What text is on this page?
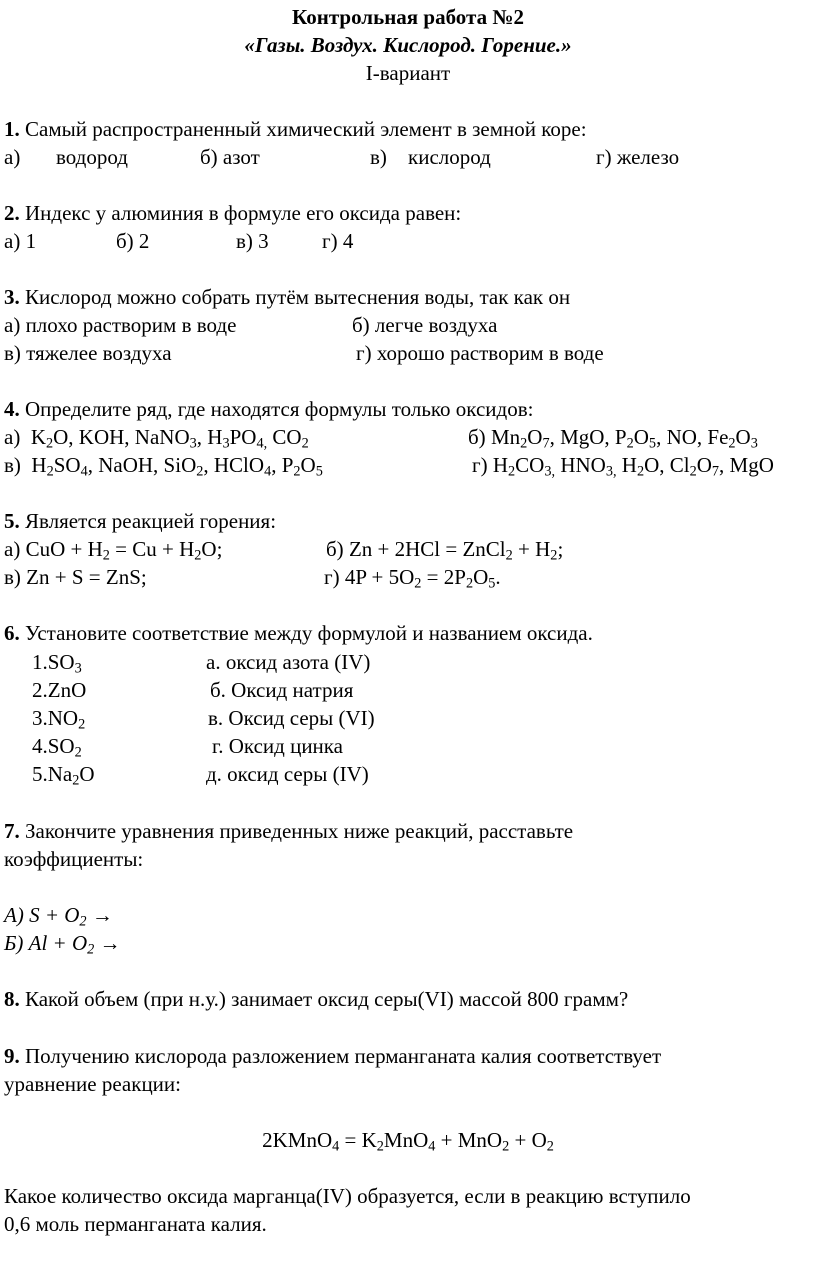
Контрольная работа №2
«Газы. Воздух. Кислород. Горение.»
I-вариант
1. Самый распространенный химический элемент в земной коре:
а) водород	б) азот	в) кислород	г) железо
2. Индекс у алюминия в формуле его оксида равен:
а) 1	б) 2	в) 3	г) 4
3. Кислород можно собрать путём вытеснения воды, так как он
а) плохо растворим в воде	б) легче воздуха
в) тяжелее воздуха	г) хорошо растворим в воде
4. Определите ряд, где находятся формулы только оксидов:
а)  $K_2O$, KOH, NaNO$_3$, $H_3PO_{4,}$ $CO_2$	б) $Mn_2O_7$, MgO, $P_2O_5$, NO, $Fe_2O_3$
в)  $H_2SO_4$, NaOH, SiO$_2$, HClO$_4$, $P_2O_5$	г) $H_2CO_{3,}$ $HNO_{3,}$ $H_2O$, $Cl_2O_7$, MgO
5. Является реакцией горения:
а) CuO + $H_2 = Cu + H_2O$;	б) Zn + 2HCl = ZnCl$_2$ + $H_2$;
в) Zn + S = ZnS;	г) $4P + 5O_2 = 2P_2O_5$.
6. Установите соответствие между формулой и названием оксида.
$1.SO_3$	а. оксид азота (IV)
2.ZnO	б. Оксид натрия
$3.NO_2$	в. Оксид серы (VI)
$4.SO_2$	г. Оксид цинка
$5.Na_2O$	д. оксид серы (IV)
7. Закончите уравнения приведенных ниже реакций, расставьте
коэффициенты:
А) $S + O_2$ →
Б) $Al + O_2$ →
8. Какой объем (при н.у.) занимает оксид серы(VI) массой 800 грамм?
9. Получению кислорода разложением перманганата калия соответствует
уравнение реакции:
2KMnO$_4$ = $K_2MnO_4 + MnO_2 + O_2$
Какое количество оксида марганца(IV) образуется, если в реакцию вступило
0,6 моль перманганата калия.
